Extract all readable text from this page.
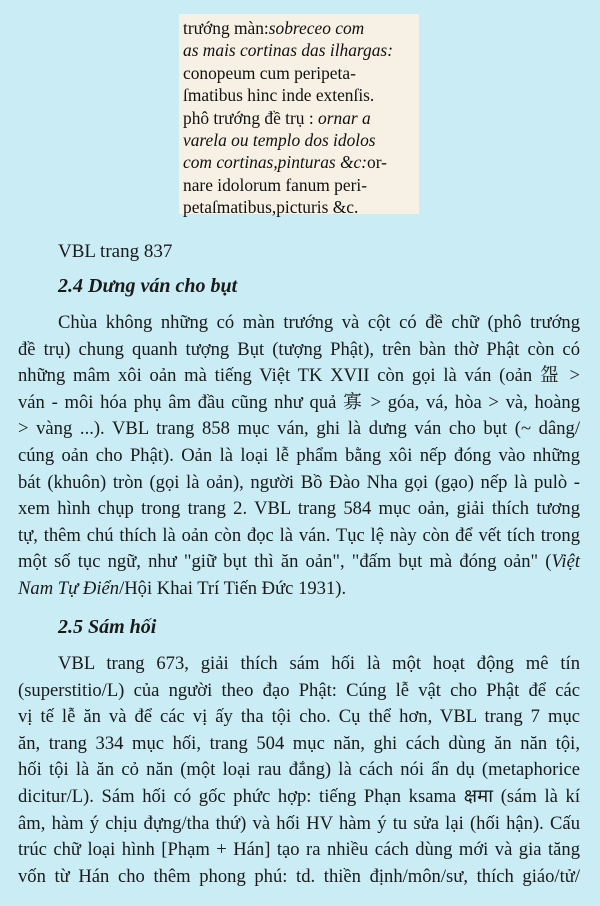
trướng màn:sobreceo com
as mais cortinas das ilhargas:
conopeum cum peripeta-
ſmatibus hinc inde extenſis.
phô trướng đề trụ : ornar a
varela ou templo dos idolos
com cortinas,pinturas &c:or-
nare idolorum fanum peri-
petaſmatibus,picturis &c.
VBL trang 837
2.4 Dưng ván cho bụt
Chùa không những có màn trướng và cột có đề chữ (phô trướng
đề trụ) chung quanh tượng Bụt (tượng Phật), trên bàn thờ Phật còn có
những mâm xôi oản mà tiếng Việt TK XVII còn gọi là ván (oản 盌 >
ván - môi hóa phụ âm đầu cũng như quả 寡 > góa, vá, hòa > và, hoàng
> vàng ...). VBL trang 858 mục ván, ghi là dưng ván cho bụt (~ dâng/
cúng oản cho Phật). Oản là loại lễ phẩm bằng xôi nếp đóng vào những
bát (khuôn) tròn (gọi là oản), người Bồ Đào Nha gọi (gạo) nếp là pulò -
xem hình chụp trong trang 2. VBL trang 584 mục oản, giải thích tương
tự, thêm chú thích là oản còn đọc là ván. Tục lệ này còn để vết tích trong
một số tục ngữ, như "giữ bụt thì ăn oản", "đấm bụt mà đóng oản" (Việt
Nam Tự Điển/Hội Khai Trí Tiến Đức 1931).
2.5 Sám hối
VBL trang 673, giải thích sám hối là một hoạt động mê tín
(superstitio/L) của người theo đạo Phật: Cúng lễ vật cho Phật để các
vị tế lễ ăn và để các vị ấy tha tội cho. Cụ thể hơn, VBL trang 7 mục
ăn, trang 334 mục hối, trang 504 mục năn, ghi cách dùng ăn năn tội,
hối tội là ăn cỏ năn (một loại rau đắng) là cách nói ẩn dụ (metaphorice
dicitur/L). Sám hối có gốc phức hợp: tiếng Phạn ksama क्षमा (sám là kí
âm, hàm ý chịu đựng/tha thứ) và hối HV hàm ý tu sửa lại (hối hận). Cấu
trúc chữ loại hình [Phạm + Hán] tạo ra nhiều cách dùng mới và gia tăng
vốn từ Hán cho thêm phong phú: td. thiền định/môn/sư, thích giáo/tử/
